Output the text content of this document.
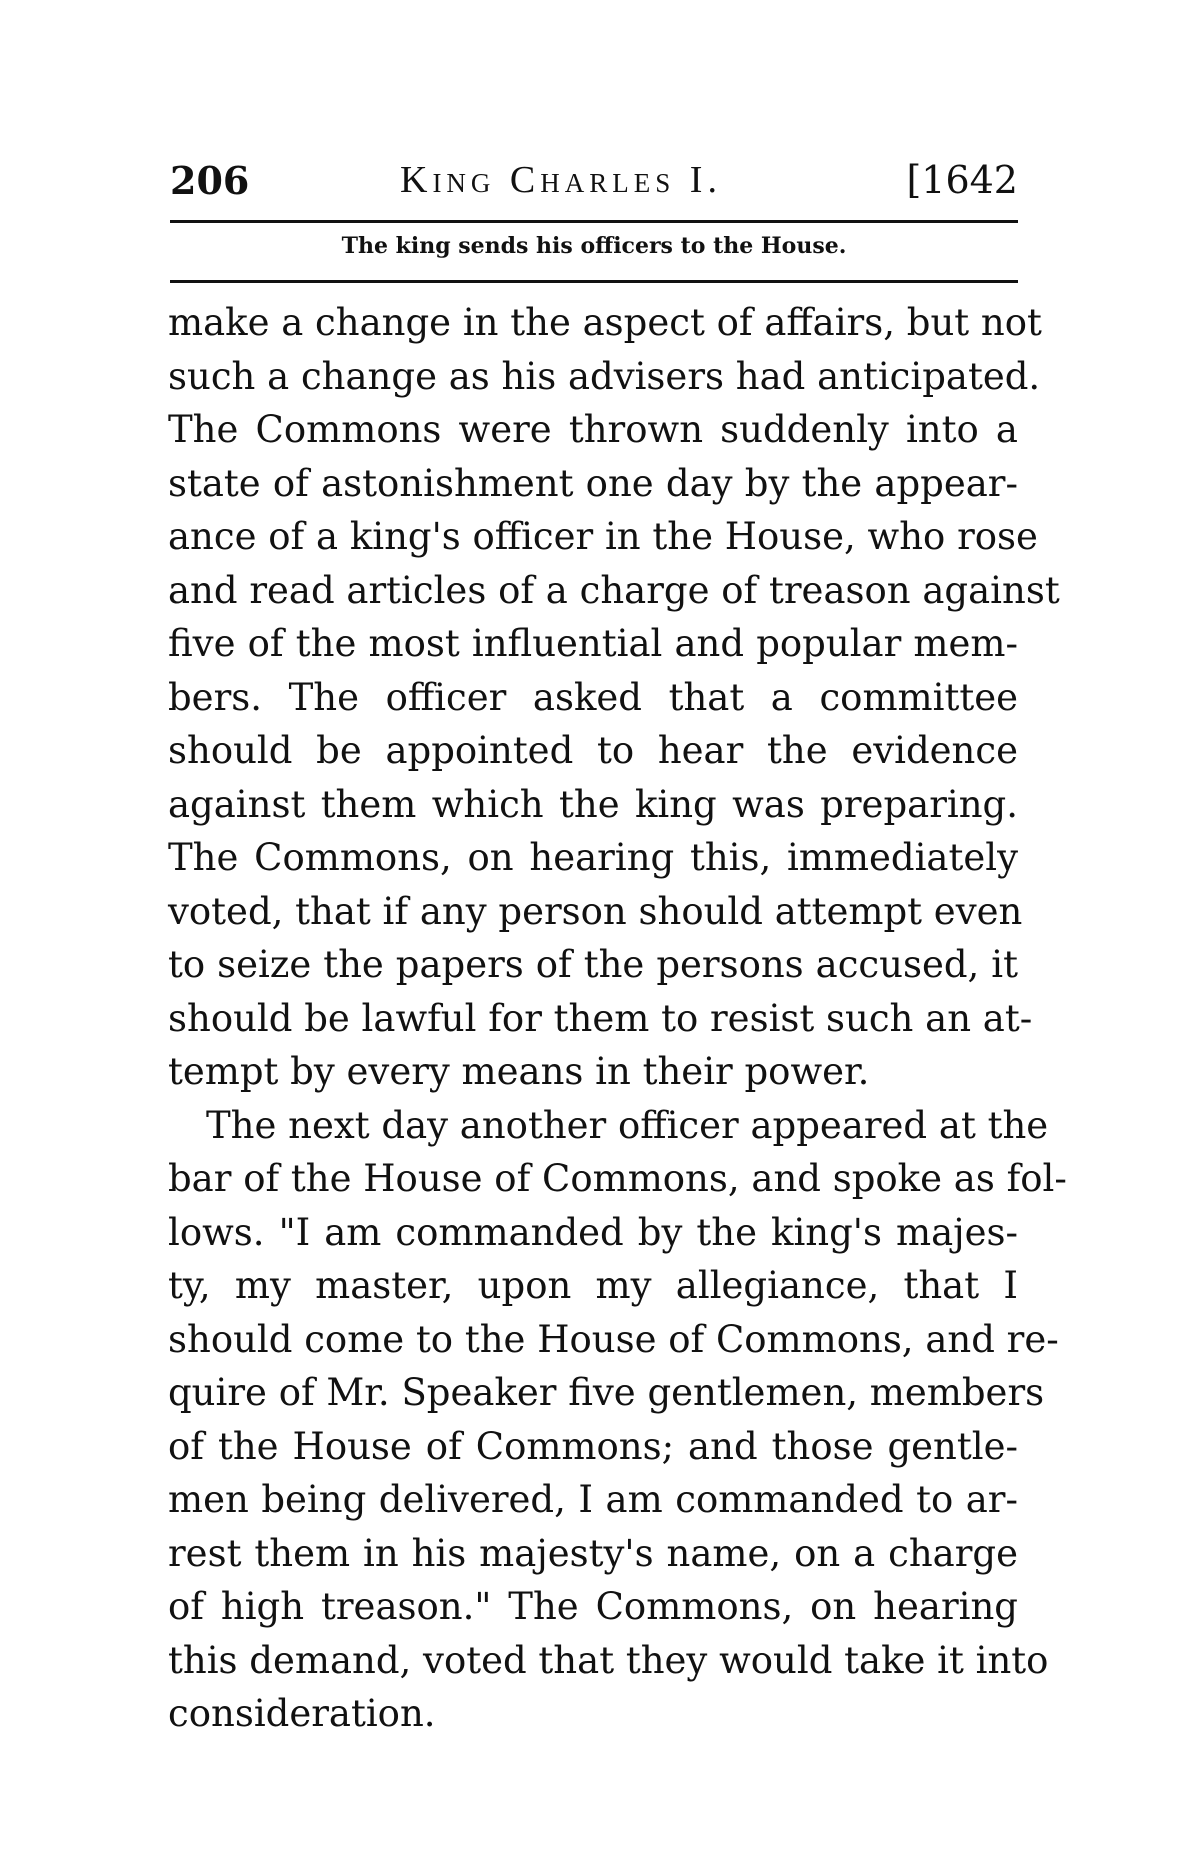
206	King Charles I.	[1642
The king sends his officers to the House.
make a change in the aspect of affairs, but not
such a change as his advisers had anticipated.
The Commons were thrown suddenly into a
state of astonishment one day by the appear-
ance of a king's officer in the House, who rose
and read articles of a charge of treason against
five of the most influential and popular mem-
bers. The officer asked that a committee
should be appointed to hear the evidence
against them which the king was preparing.
The Commons, on hearing this, immediately
voted, that if any person should attempt even
to seize the papers of the persons accused, it
should be lawful for them to resist such an at-
tempt by every means in their power.
The next day another officer appeared at the
bar of the House of Commons, and spoke as fol-
lows. "I am commanded by the king's majes-
ty, my master, upon my allegiance, that I
should come to the House of Commons, and re-
quire of Mr. Speaker five gentlemen, members
of the House of Commons; and those gentle-
men being delivered, I am commanded to ar-
rest them in his majesty's name, on a charge
of high treason." The Commons, on hearing
this demand, voted that they would take it into
consideration.
